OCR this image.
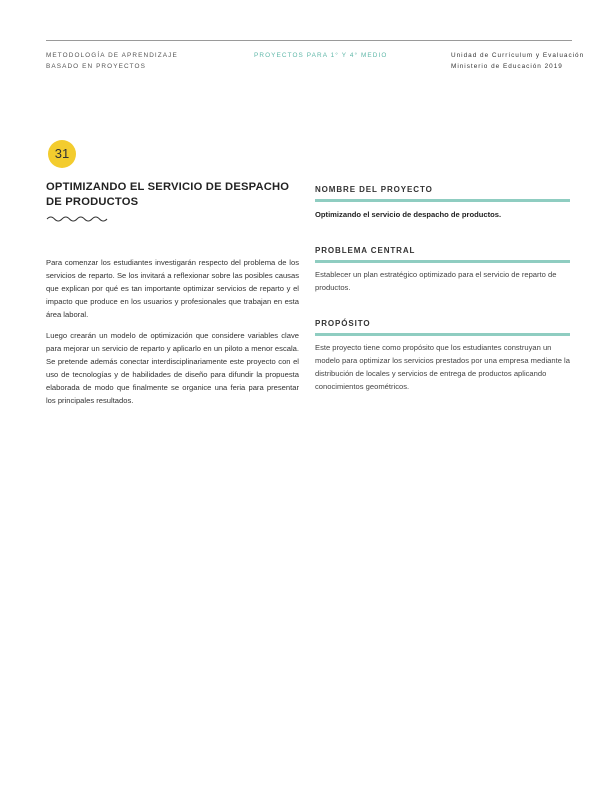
METODOLOGÍA DE APRENDIZAJE
BASADO EN PROYECTOS
PROYECTOS PARA 1° Y 4° MEDIO	Unidad de Currículum y Evaluación
Ministerio de Educación 2019
31
OPTIMIZANDO EL SERVICIO DE DESPACHO
DE PRODUCTOS
Para comenzar los estudiantes investigarán respecto del problema de los servicios de reparto. Se los invitará a reflexionar sobre las posibles causas que explican por qué es tan importante optimizar servicios de reparto y el impacto que produce en los usuarios y profesionales que trabajan en esta área laboral.
Luego crearán un modelo de optimización que considere variables clave para mejorar un servicio de reparto y aplicarlo en un piloto a menor escala. Se pretende además conectar interdisciplinariamente este proyecto con el uso de tecnologías y de habilidades de diseño para difundir la propuesta elaborada de modo que finalmente se organice una feria para presentar los principales resultados.
NOMBRE DEL PROYECTO
Optimizando el servicio de despacho de productos.
PROBLEMA CENTRAL
Establecer un plan estratégico optimizado para el servicio de reparto de productos.
PROPÓSITO
Este proyecto tiene como propósito que los estudiantes construyan un modelo para optimizar los servicios prestados por una empresa mediante la distribución de locales y servicios de entrega de productos aplicando conocimientos geométricos.
